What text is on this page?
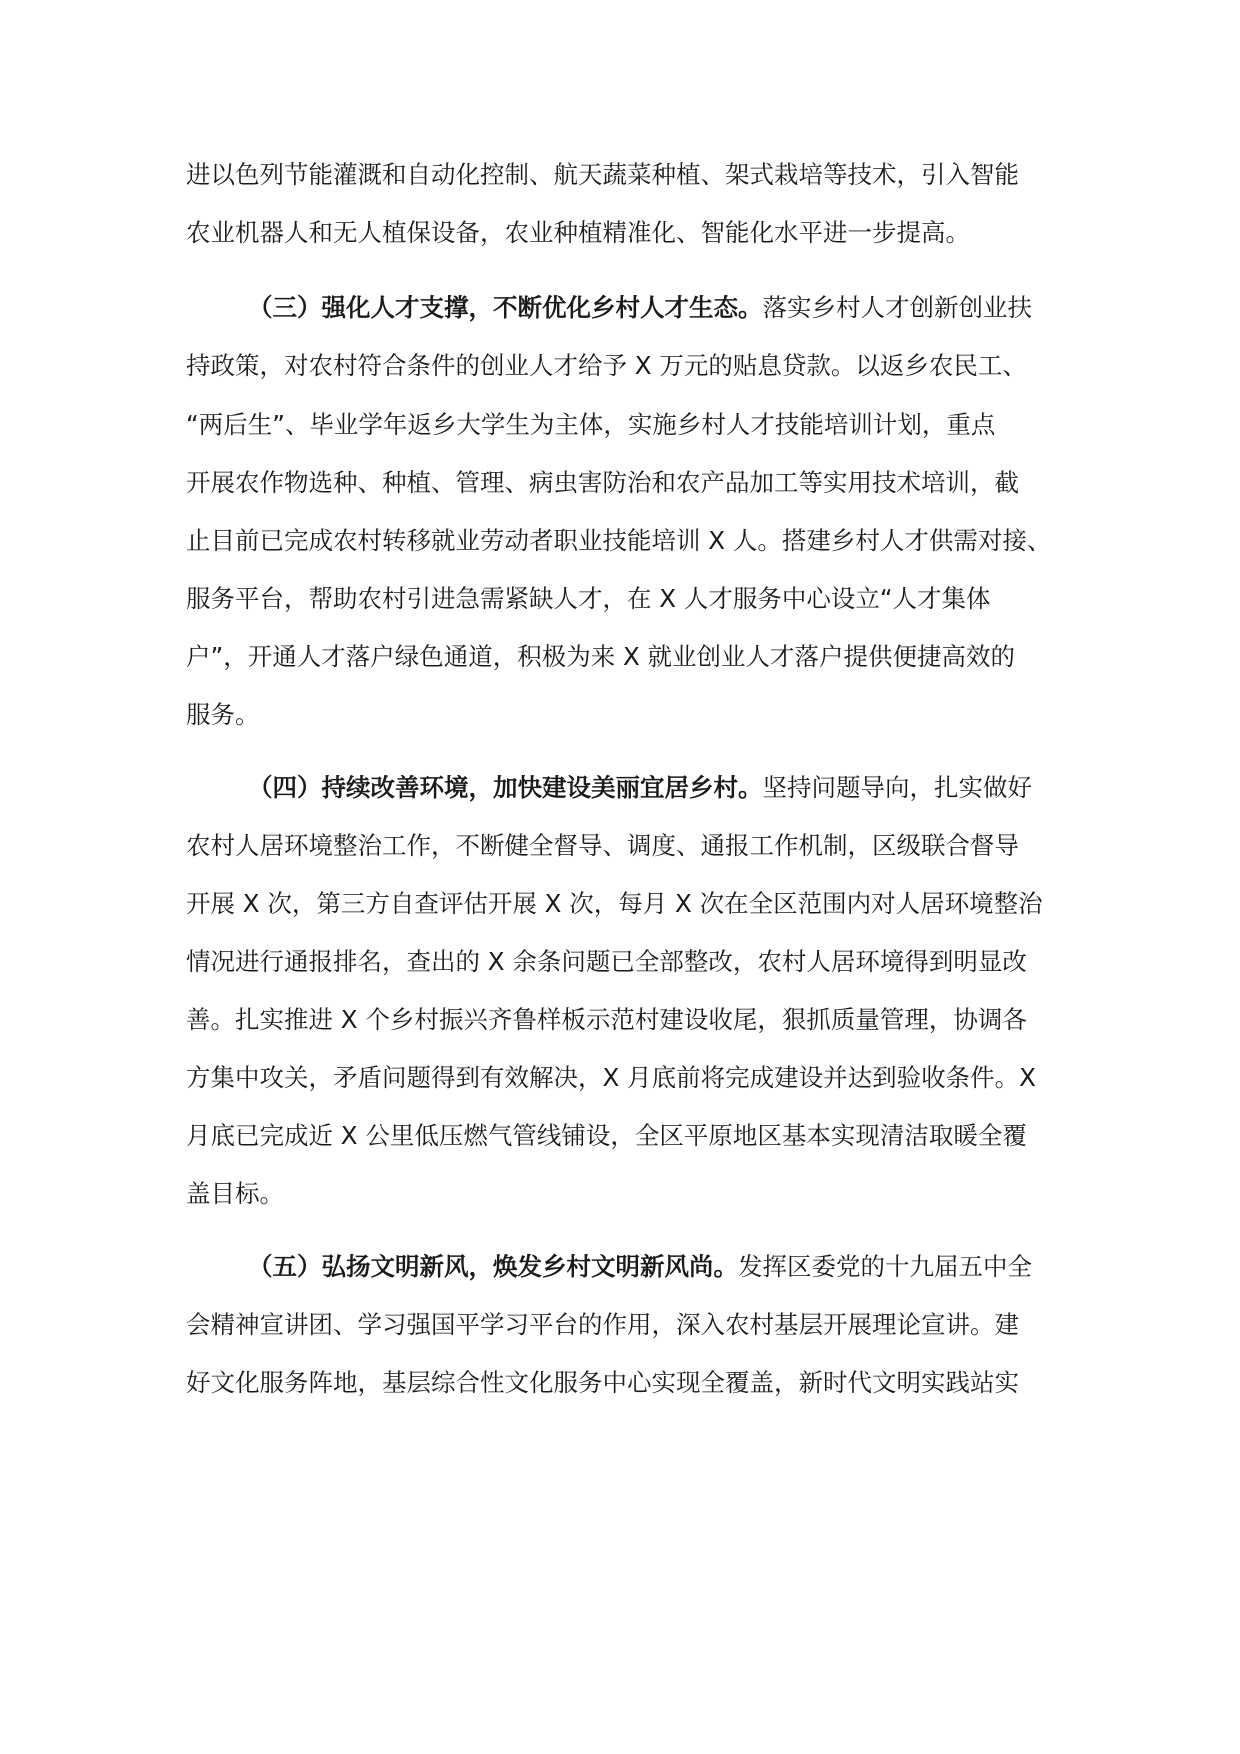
进以色列节能灌溉和自动化控制、航天蔬菜种植、架式栽培等技术，引入智能
农业机器人和无人植保设备，农业种植精准化、智能化水平进一步提高。
（三）强化人才支撑，不断优化乡村人才生态。落实乡村人才创新创业扶
持政策，对农村符合条件的创业人才给予 X 万元的贴息贷款。以返乡农民工、
“两后生”、毕业学年返乡大学生为主体，实施乡村人才技能培训计划，重点
开展农作物选种、种植、管理、病虫害防治和农产品加工等实用技术培训，截
止目前已完成农村转移就业劳动者职业技能培训 X 人。搭建乡村人才供需对接、
服务平台，帮助农村引进急需紧缺人才，在 X 人才服务中心设立“人才集体
户”，开通人才落户绿色通道，积极为来 X 就业创业人才落户提供便捷高效的
服务。
（四）持续改善环境，加快建设美丽宜居乡村。坚持问题导向，扎实做好
农村人居环境整治工作，不断健全督导、调度、通报工作机制，区级联合督导
开展 X 次，第三方自查评估开展 X 次，每月 X 次在全区范围内对人居环境整治
情况进行通报排名，查出的 X 余条问题已全部整改，农村人居环境得到明显改
善。扎实推进 X 个乡村振兴齐鲁样板示范村建设收尾，狠抓质量管理，协调各
方集中攻关，矛盾问题得到有效解决，X 月底前将完成建设并达到验收条件。X
月底已完成近 X 公里低压燃气管线铺设，全区平原地区基本实现清洁取暖全覆
盖目标。
（五）弘扬文明新风，焕发乡村文明新风尚。发挥区委党的十九届五中全
会精神宣讲团、学习强国平学习平台的作用，深入农村基层开展理论宣讲。建
好文化服务阵地，基层综合性文化服务中心实现全覆盖，新时代文明实践站实
